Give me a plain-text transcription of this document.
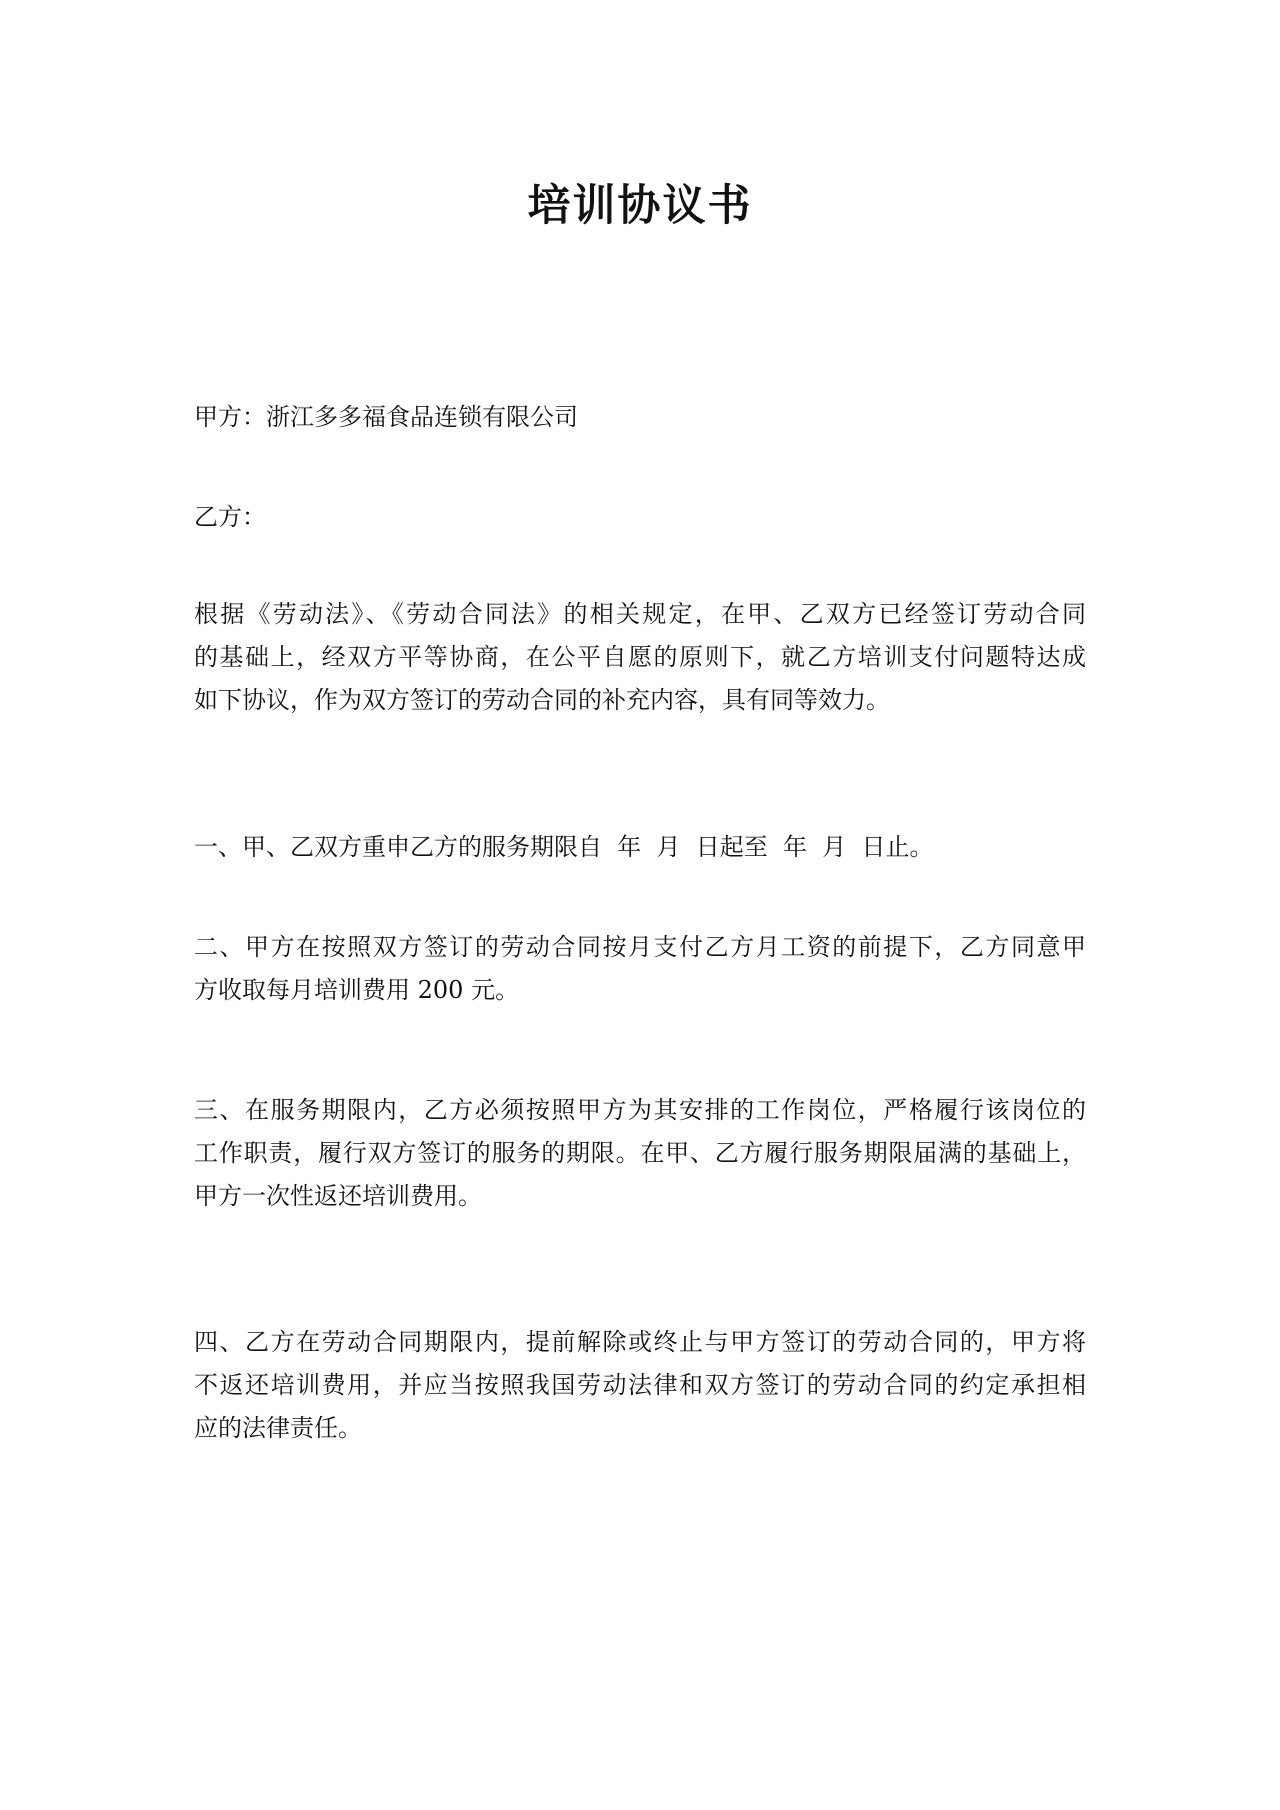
培训协议书
甲方：浙江多多福食品连锁有限公司
乙方：
根据《劳动法》、《劳动合同法》的相关规定，在甲、乙双方已经签订劳动合同
的基础上，经双方平等协商，在公平自愿的原则下，就乙方培训支付问题特达成
如下协议，作为双方签订的劳动合同的补充内容，具有同等效力。
一、甲、乙双方重申乙方的服务期限自  年  月  日起至  年  月  日止。
二、甲方在按照双方签订的劳动合同按月支付乙方月工资的前提下，乙方同意甲
方收取每月培训费用 200 元。
三、在服务期限内，乙方必须按照甲方为其安排的工作岗位，严格履行该岗位的
工作职责，履行双方签订的服务的期限。在甲、乙方履行服务期限届满的基础上，
甲方一次性返还培训费用。
四、乙方在劳动合同期限内，提前解除或终止与甲方签订的劳动合同的，甲方将
不返还培训费用，并应当按照我国劳动法律和双方签订的劳动合同的约定承担相
应的法律责任。
